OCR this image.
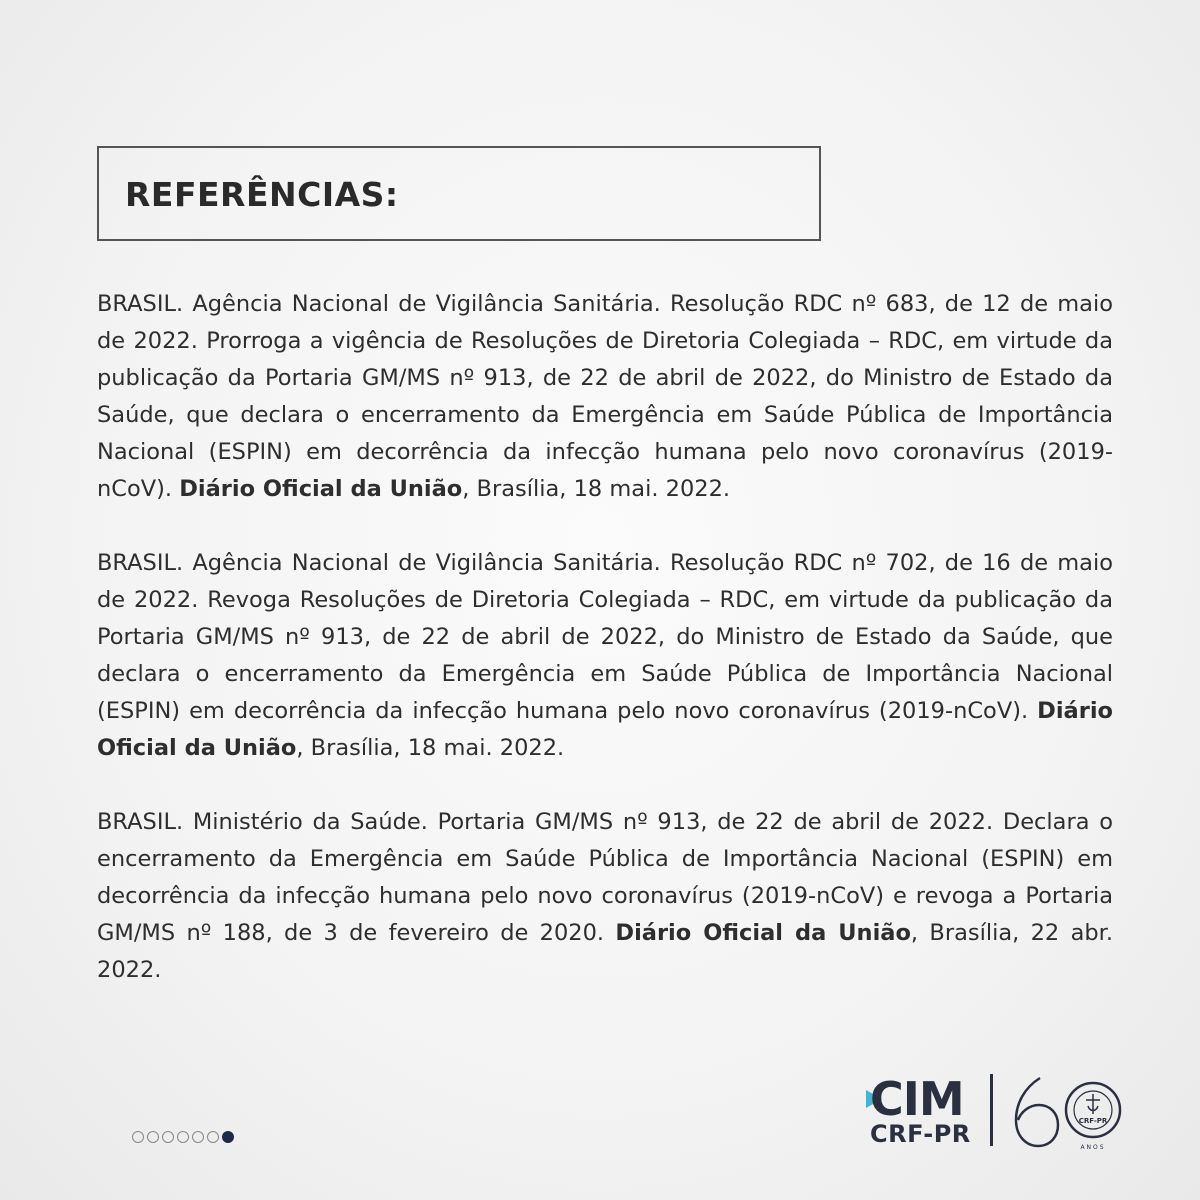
REFERÊNCIAS:

BRASIL. Agência Nacional de Vigilância Sanitária. Resolução RDC nº 683, de 12 de maio de 2022. Prorroga a vigência de Resoluções de Diretoria Colegiada – RDC, em virtude da publicação da Portaria GM/MS nº 913, de 22 de abril de 2022, do Ministro de Estado da Saúde, que declara o encerramento da Emergência em Saúde Pública de Importância Nacional (ESPIN) em decorrência da infecção humana pelo novo coronavírus (2019-nCoV). Diário Oficial da União, Brasília, 18 mai. 2022.

BRASIL. Agência Nacional de Vigilância Sanitária. Resolução RDC nº 702, de 16 de maio de 2022. Revoga Resoluções de Diretoria Colegiada – RDC, em virtude da publicação da Portaria GM/MS nº 913, de 22 de abril de 2022, do Ministro de Estado da Saúde, que declara o encerramento da Emergência em Saúde Pública de Importância Nacional (ESPIN) em decorrência da infecção humana pelo novo coronavírus (2019-nCoV). Diário Oficial da União, Brasília, 18 mai. 2022.

BRASIL. Ministério da Saúde. Portaria GM/MS nº 913, de 22 de abril de 2022. Declara o encerramento da Emergência em Saúde Pública de Importância Nacional (ESPIN) em decorrência da infecção humana pelo novo coronavírus (2019-nCoV) e revoga a Portaria GM/MS nº 188, de 3 de fevereiro de 2020. Diário Oficial da União, Brasília, 22 abr. 2022.

CIM
CRF-PR	CRF-PR
ANOS
